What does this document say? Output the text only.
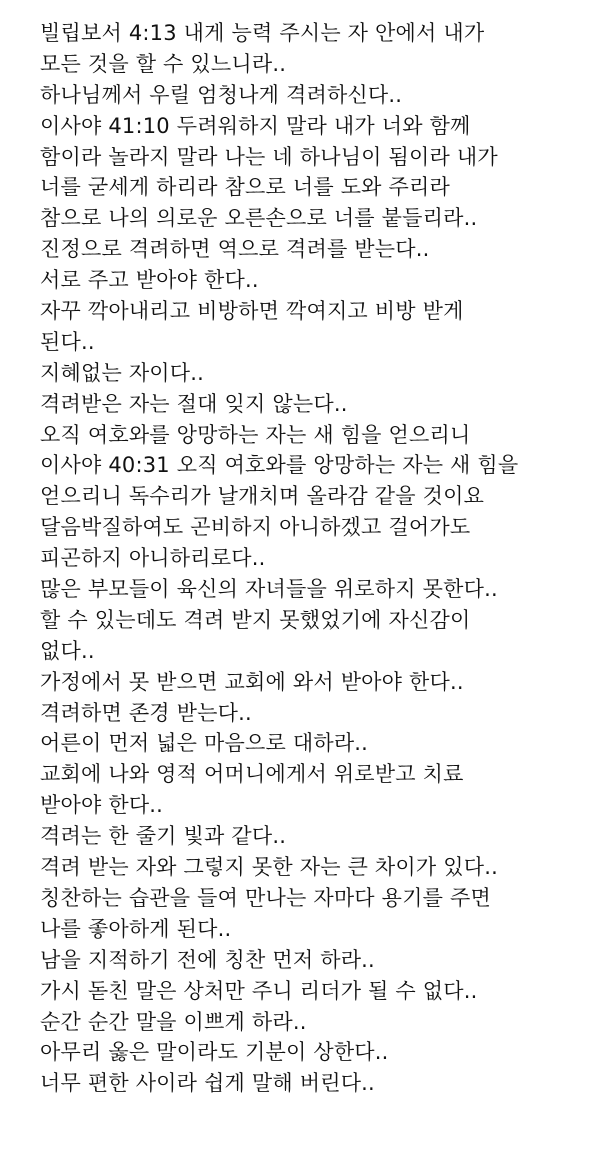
빌립보서 4:13 내게 능력 주시는 자 안에서 내가
모든 것을 할 수 있느니라..
하나님께서 우릴 엄청나게 격려하신다..
이사야 41:10 두려워하지 말라 내가 너와 함께
함이라 놀라지 말라 나는 네 하나님이 됨이라 내가
너를 굳세게 하리라 참으로 너를 도와 주리라
참으로 나의 의로운 오른손으로 너를 붙들리라..
진정으로 격려하면 역으로 격려를 받는다..
서로 주고 받아야 한다..
자꾸 깍아내리고 비방하면 깍여지고 비방 받게
된다..
지혜없는 자이다..
격려받은 자는 절대 잊지 않는다..
오직 여호와를 앙망하는 자는 새 힘을 얻으리니
이사야 40:31 오직 여호와를 앙망하는 자는 새 힘을
얻으리니 독수리가 날개치며 올라감 같을 것이요
달음박질하여도 곤비하지 아니하겠고 걸어가도
피곤하지 아니하리로다..
많은 부모들이 육신의 자녀들을 위로하지 못한다..
할 수 있는데도 격려 받지 못했었기에 자신감이
없다..
가정에서 못 받으면 교회에 와서 받아야 한다..
격려하면 존경 받는다..
어른이 먼저 넓은 마음으로 대하라..
교회에 나와 영적 어머니에게서 위로받고 치료
받아야 한다..
격려는 한 줄기 빛과 같다..
격려 받는 자와 그렇지 못한 자는 큰 차이가 있다..
칭찬하는 습관을 들여 만나는 자마다 용기를 주면
나를 좋아하게 된다..
남을 지적하기 전에 칭찬 먼저 하라..
가시 돋친 말은 상처만 주니 리더가 될 수 없다..
순간 순간 말을 이쁘게 하라..
아무리 옳은 말이라도 기분이 상한다..
너무 편한 사이라 쉽게 말해 버린다..
